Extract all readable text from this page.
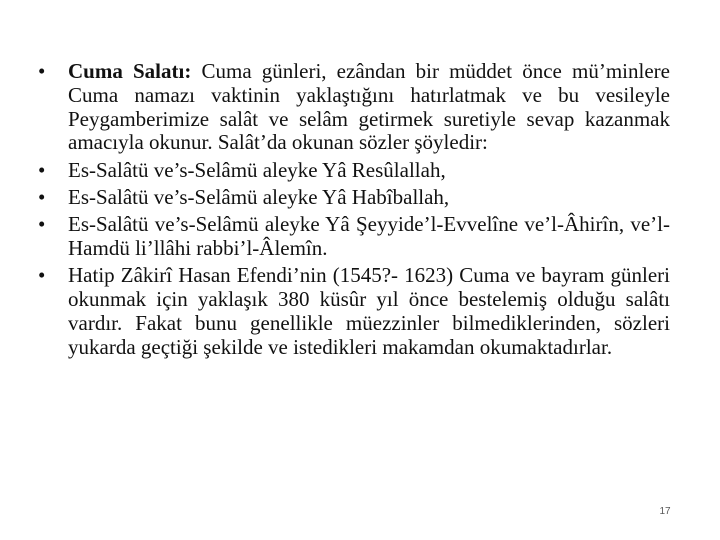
• Cuma Salatı: Cuma günleri, ezândan bir müddet önce mü’minlere Cuma namazı vaktinin yaklaştığını hatırlatmak ve bu vesileyle Peygamberimize salât ve selâm getirmek suretiyle sevap kazanmak amacıyla okunur. Salât’da okunan sözler şöyledir:
• Es-Salâtü ve’s-Selâmü aleyke Yâ Resûlallah,
• Es-Salâtü ve’s-Selâmü aleyke Yâ Habîballah,
• Es-Salâtü ve’s-Selâmü aleyke Yâ Şeyyide’l-Evvelîne ve’l-Âhirîn, ve’l-Hamdü li’llâhi rabbi’l-Âlemîn.
• Hatip Zâkirî Hasan Efendi’nin (1545?- 1623) Cuma ve bayram günleri okunmak için yaklaşık 380 küsûr yıl önce bestelemiş olduğu salâtı vardır. Fakat bunu genellikle müezzinler bilmediklerinden, sözleri yukarda geçtiği şekilde ve istedikleri makamdan okumaktadırlar.
17
